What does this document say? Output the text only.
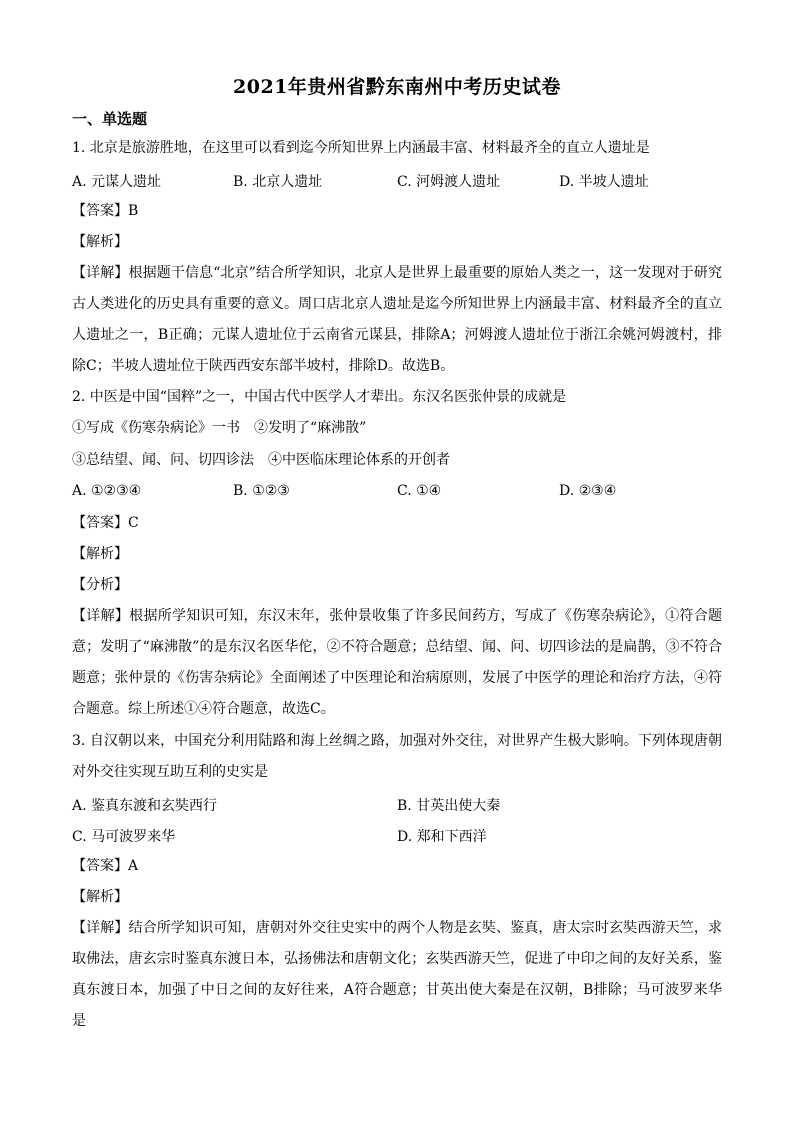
2021年贵州省黔东南州中考历史试卷
一、单选题
1. 北京是旅游胜地，在这里可以看到迄今所知世界上内涵最丰富、材料最齐全的直立人遗址是
A. 元谋人遗址	B. 北京人遗址	C. 河姆渡人遗址	D. 半坡人遗址
【答案】B
【解析】
【详解】根据题干信息“北京”结合所学知识，北京人是世界上最重要的原始人类之一，这一发现对于研究古人类进化的历史具有重要的意义。周口店北京人遗址是迄今所知世界上内涵最丰富、材料最齐全的直立人遗址之一，B正确；元谋人遗址位于云南省元谋县，排除A；河姆渡人遗址位于浙江余姚河姆渡村，排除C；半坡人遗址位于陕西西安东部半坡村，排除D。故选B。
2. 中医是中国“国粹”之一，中国古代中医学人才辈出。东汉名医张仲景的成就是
①写成《伤寒杂病论》一书　②发明了“麻沸散”
③总结望、闻、问、切四诊法　④中医临床理论体系的开创者
A. ①②③④	B. ①②③	C. ①④	D. ②③④
【答案】C
【解析】
【分析】
【详解】根据所学知识可知，东汉末年，张仲景收集了许多民间药方，写成了《伤寒杂病论》，①符合题意；发明了“麻沸散”的是东汉名医华佗，②不符合题意；总结望、闻、问、切四诊法的是扁鹊，③不符合题意；张仲景的《伤害杂病论》全面阐述了中医理论和治病原则，发展了中医学的理论和治疗方法，④符合题意。综上所述①④符合题意，故选C。
3. 自汉朝以来，中国充分利用陆路和海上丝绸之路，加强对外交往，对世界产生极大影响。下列体现唐朝对外交往实现互助互利的史实是
A. 鉴真东渡和玄奘西行	B. 甘英出使大秦
C. 马可波罗来华	D. 郑和下西洋
【答案】A
【解析】
【详解】结合所学知识可知，唐朝对外交往史实中的两个人物是玄奘、鉴真，唐太宗时玄奘西游天竺，求取佛法，唐玄宗时鉴真东渡日本，弘扬佛法和唐朝文化；玄奘西游天竺，促进了中印之间的友好关系，鉴真东渡日本，加强了中日之间的友好往来，A符合题意；甘英出使大秦是在汉朝，B排除；马可波罗来华是
